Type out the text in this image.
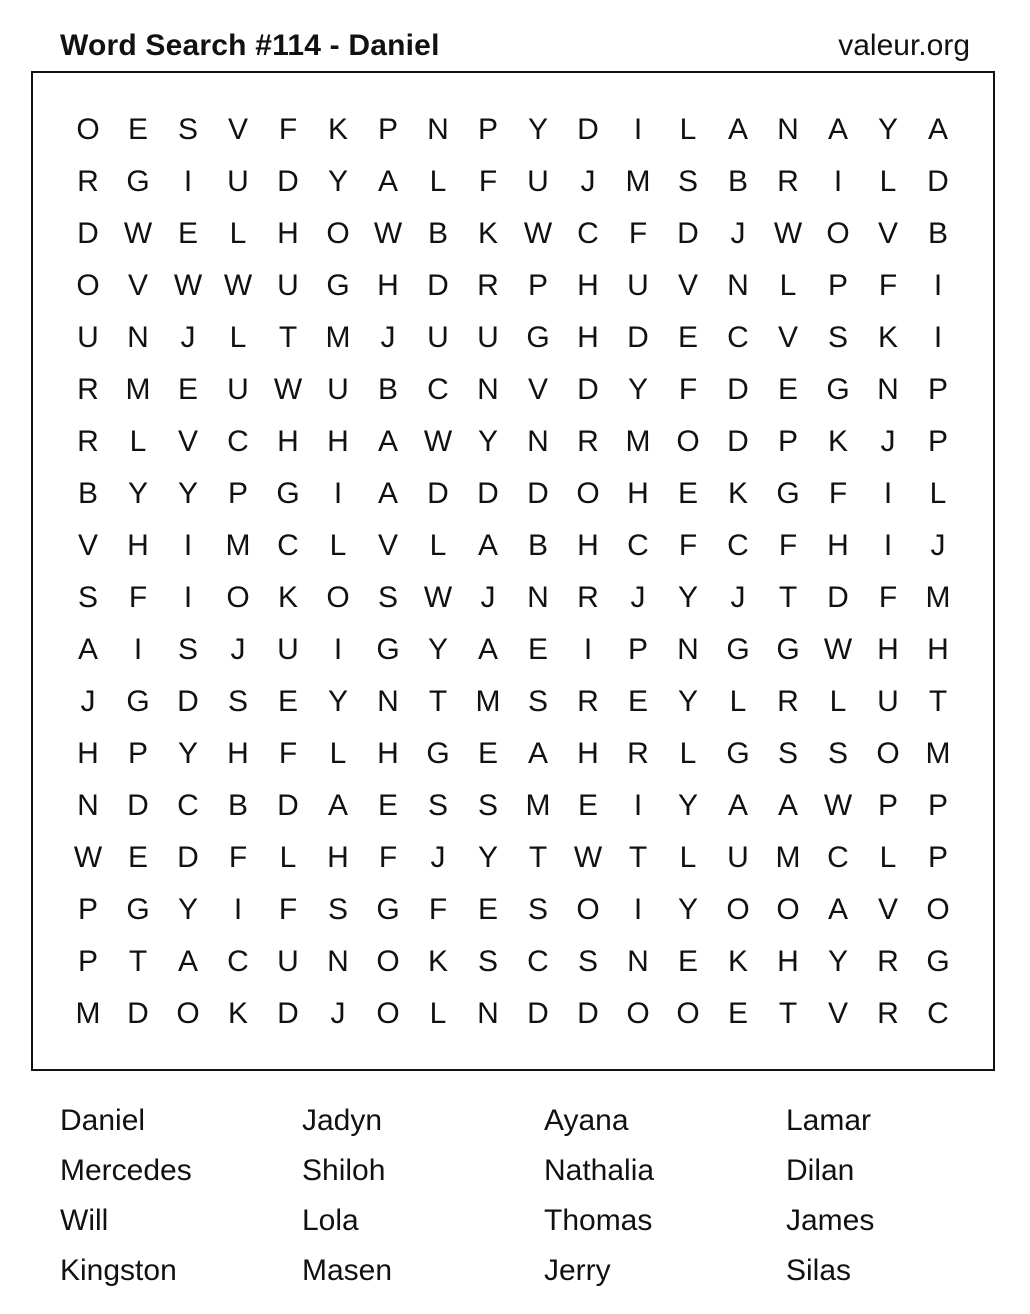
Word Search #114 - Daniel	valeur.org
O E S V	F	K P N P Y D	I	L	A N A Y A
R G	I	U D Y A	L	F	U	J	M S B R	I	L	D
D W E	L	H O W B K W C	F	D	J W O V B
O V W W U G H D R P H U V N	L	P	F	I
U N	J	L	T M	J	U U G H D E C V S K	I
R M E U W U B C N V D Y	F	D E G N P
R	L	V C H H A W Y N R M O D P K	J	P
B Y Y P G	I	A D D D O H E K G F	I	L
V H	I	M C	L	V	L	A B H C	F	C	F	H	I	J
S	F	I	O K O S W J	N R	J	Y	J	T	D	F M
A	I	S	J	U	I	G Y A E	I	P N G G W H H
J	G D S E Y N	T M S R E Y	L	R	L	U	T
H P Y H	F	L	H G E A H R	L G S S O M
N D C B D A E S S M E	I	Y A A W P P
W E D	F	L	H	F	J	Y	T W T	L	U M C	L	P
P G Y	I	F	S G F	E S O	I	Y O O A V O
P	T	A C U N O K S C S N E K H Y R G
M D O K D	J	O L	N D D O O E	T	V R C
Daniel	Jadyn	Ayana	Lamar
Mercedes	Shiloh	Nathalia	Dilan
Will	Lola	Thomas	James
Kingston	Masen	Jerry	Silas
